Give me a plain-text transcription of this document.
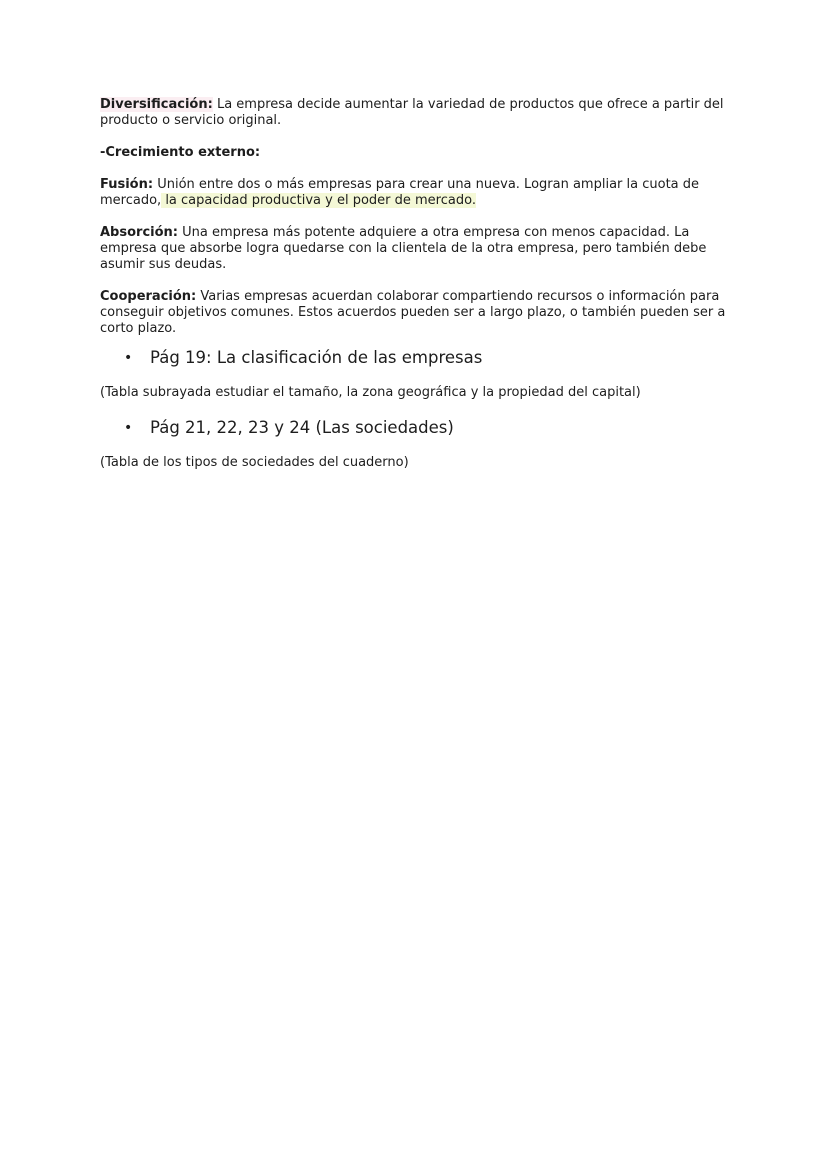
Diversificación: La empresa decide aumentar la variedad de productos que ofrece a partir del producto o servicio original.

-Crecimiento externo:

Fusión: Unión entre dos o más empresas para crear una nueva. Logran ampliar la cuota de mercado, la capacidad productiva y el poder de mercado.

Absorción: Una empresa más potente adquiere a otra empresa con menos capacidad. La empresa que absorbe logra quedarse con la clientela de la otra empresa, pero también debe asumir sus deudas.

Cooperación: Varias empresas acuerdan colaborar compartiendo recursos o información para conseguir objetivos comunes. Estos acuerdos pueden ser a largo plazo, o también pueden ser a corto plazo.

•	Pág 19: La clasificación de las empresas

(Tabla subrayada estudiar el tamaño, la zona geográfica y la propiedad del capital)

•	Pág 21, 22, 23 y 24 (Las sociedades)

(Tabla de los tipos de sociedades del cuaderno)
